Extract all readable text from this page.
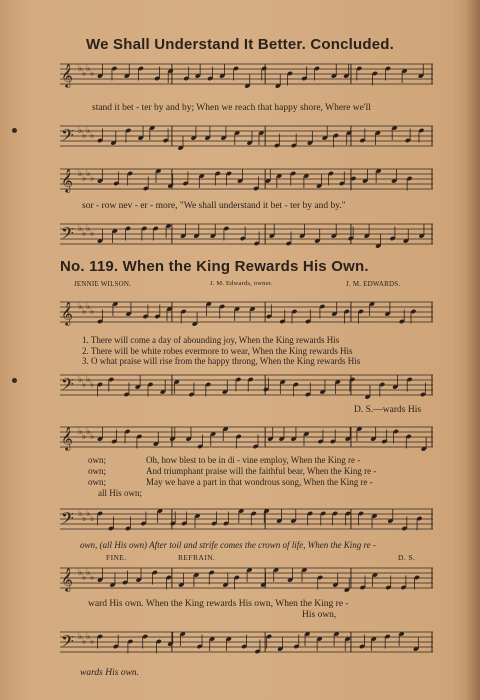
We Shall Understand It Better. Concluded.
𝄞 ♭ ♭ ♭ ♭
stand it bet - ter by and by; When we reach that happy shore, Where we'll
𝄢 ♭ ♭ ♭ ♭
𝄞 ♭ ♭ ♭ ♭
sor - row nev - er - more, "We shall understand it bet - ter by and by."
𝄢 ♭ ♭ ♭ ♭
No. 119. When the King Rewards His Own.
JENNIE WILSON.	J. M. Edwards, owner.	J. M. EDWARDS.
𝄞 ♭ ♭ ♭ ♭
1. There will come a day of abounding joy, When the King rewards His
2. There will be white robes evermore to wear, When the King rewards His
3. O what praise will rise from the happy throng, When the King rewards His
𝄢 ♭ ♭ ♭ ♭
D. S.—wards His
𝄞 ♭ ♭ ♭ ♭
own;
own;
own;
Oh, how blest to be in di - vine employ, When the King re -
And triumphant praise will the faithful bear, When the King re -
May we have a part in that wondrous song, When the King re -
all His own;
𝄢 ♭ ♭ ♭ ♭
own, (all His own) After toil and strife comes the crown of life, When the King re -
FINE.	REFRAIN.	D. S.
𝄞 ♭ ♭ ♭ ♭
ward His own. When the King rewards His own, When the King re -
His own,
𝄢 ♭ ♭ ♭ ♭
wards His own.
